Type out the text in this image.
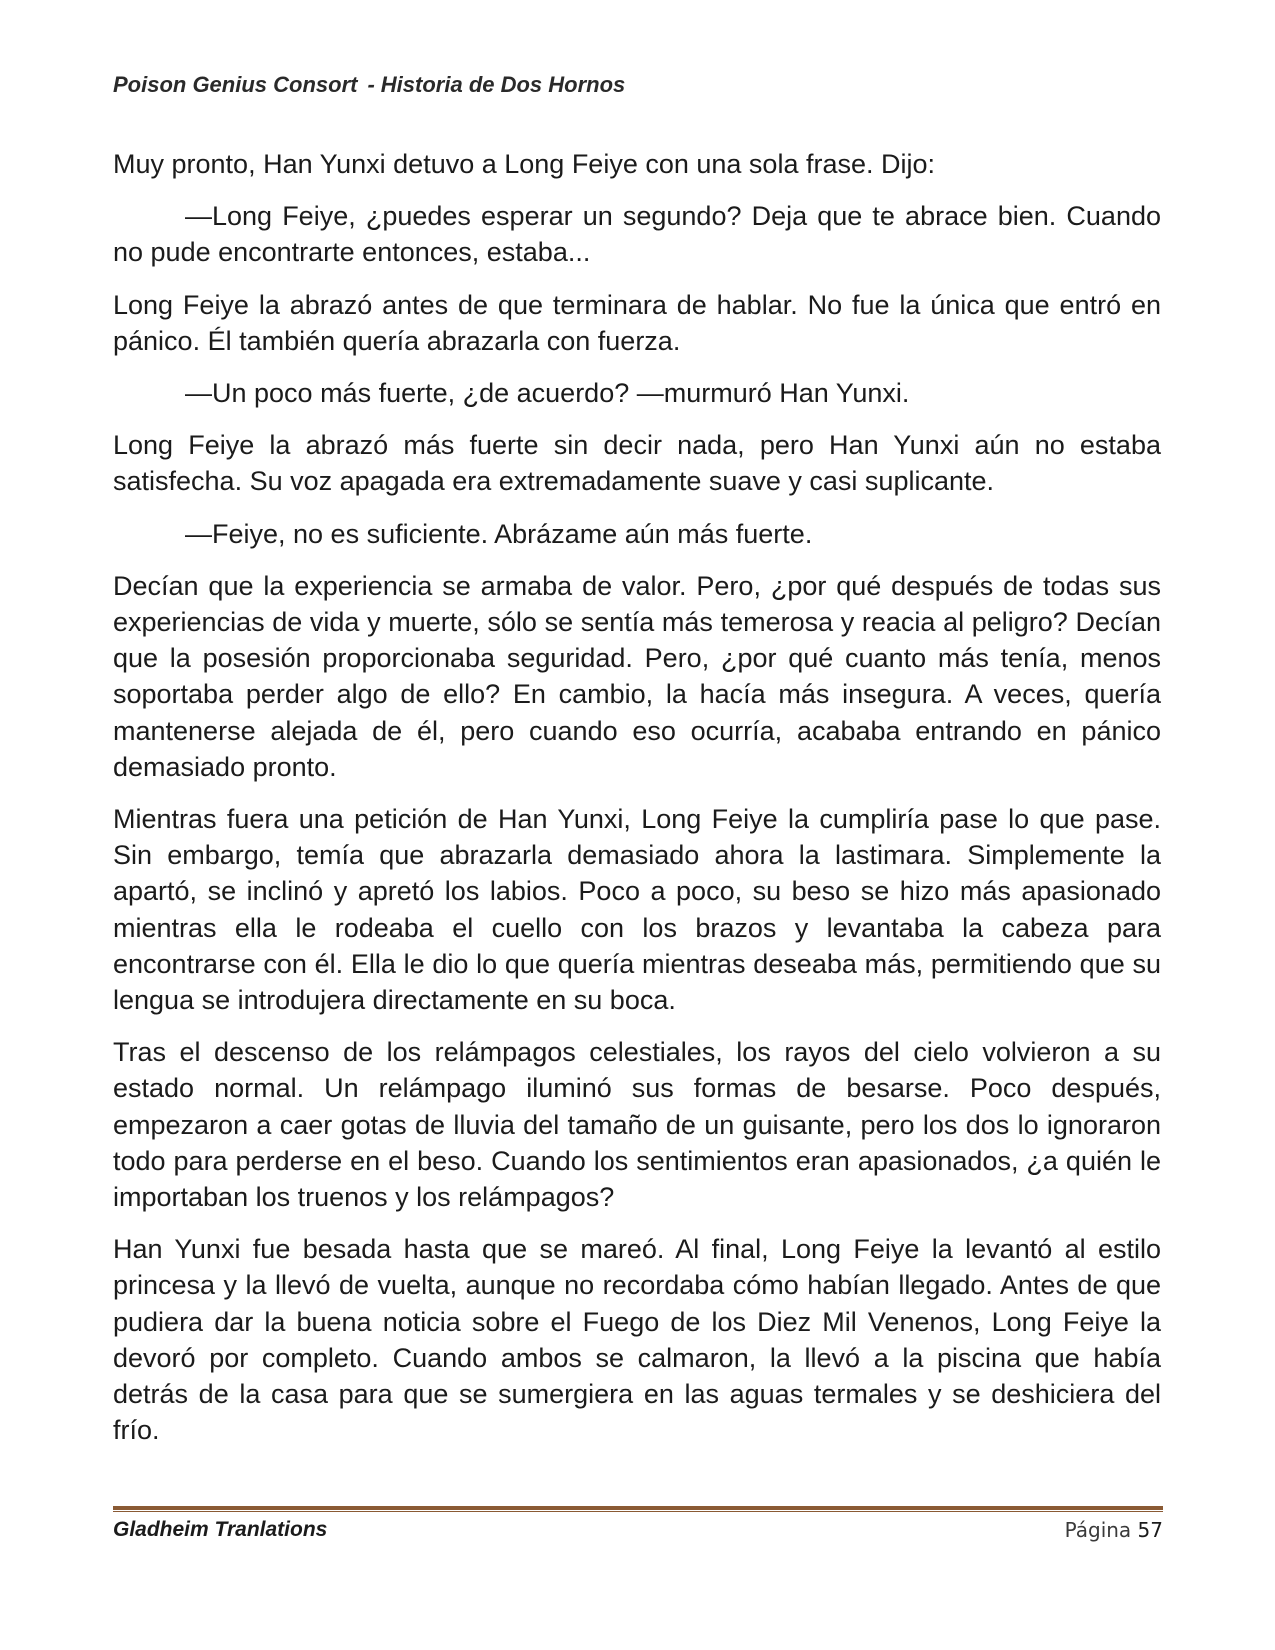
Poison Genius Consort - Historia de Dos Hornos

Muy pronto, Han Yunxi detuvo a Long Feiye con una sola frase. Dijo:

—Long Feiye, ¿puedes esperar un segundo? Deja que te abrace bien. Cuando no pude encontrarte entonces, estaba...

Long Feiye la abrazó antes de que terminara de hablar. No fue la única que entró en pánico. Él también quería abrazarla con fuerza.

—Un poco más fuerte, ¿de acuerdo? —murmuró Han Yunxi.

Long Feiye la abrazó más fuerte sin decir nada, pero Han Yunxi aún no estaba satisfecha. Su voz apagada era extremadamente suave y casi suplicante.

—Feiye, no es suficiente. Abrázame aún más fuerte.

Decían que la experiencia se armaba de valor. Pero, ¿por qué después de todas sus experiencias de vida y muerte, sólo se sentía más temerosa y reacia al peligro? Decían que la posesión proporcionaba seguridad. Pero, ¿por qué cuanto más tenía, menos soportaba perder algo de ello? En cambio, la hacía más insegura. A veces, quería mantenerse alejada de él, pero cuando eso ocurría, acababa entrando en pánico demasiado pronto.

Mientras fuera una petición de Han Yunxi, Long Feiye la cumpliría pase lo que pase. Sin embargo, temía que abrazarla demasiado ahora la lastimara. Simplemente la apartó, se inclinó y apretó los labios. Poco a poco, su beso se hizo más apasionado mientras ella le rodeaba el cuello con los brazos y levantaba la cabeza para encontrarse con él. Ella le dio lo que quería mientras deseaba más, permitiendo que su lengua se introdujera directamente en su boca.

Tras el descenso de los relámpagos celestiales, los rayos del cielo volvieron a su estado normal. Un relámpago iluminó sus formas de besarse. Poco después, empezaron a caer gotas de lluvia del tamaño de un guisante, pero los dos lo ignoraron todo para perderse en el beso. Cuando los sentimientos eran apasionados, ¿a quién le importaban los truenos y los relámpagos?

Han Yunxi fue besada hasta que se mareó. Al final, Long Feiye la levantó al estilo princesa y la llevó de vuelta, aunque no recordaba cómo habían llegado. Antes de que pudiera dar la buena noticia sobre el Fuego de los Diez Mil Venenos, Long Feiye la devoró por completo. Cuando ambos se calmaron, la llevó a la piscina que había detrás de la casa para que se sumergiera en las aguas termales y se deshiciera del frío.

Gladheim Tranlations	Página 57
